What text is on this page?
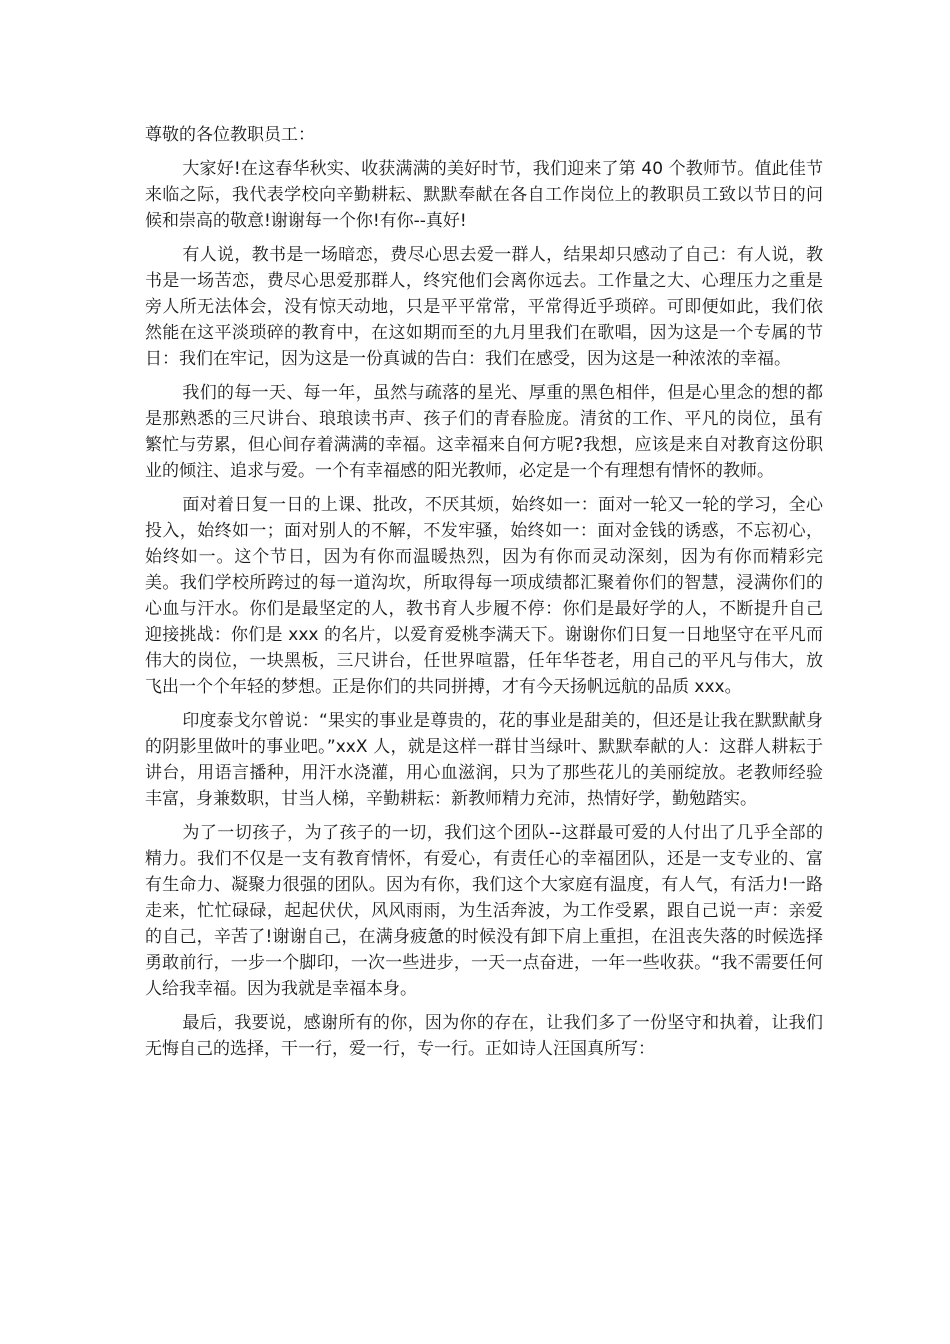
尊敬的各位教职员工：

大家好!在这春华秋实、收获满满的美好时节，我们迎来了第 40 个教师节。值此佳节来临之际，我代表学校向辛勤耕耘、默默奉献在各自工作岗位上的教职员工致以节日的问候和崇高的敬意!谢谢每一个你!有你--真好!

有人说，教书是一场暗恋，费尽心思去爱一群人，结果却只感动了自己：有人说，教书是一场苦恋，费尽心思爱那群人，终究他们会离你远去。工作量之大、心理压力之重是旁人所无法体会，没有惊天动地，只是平平常常，平常得近乎琐碎。可即便如此，我们依然能在这平淡琐碎的教育中，在这如期而至的九月里我们在歌唱，因为这是一个专属的节日：我们在牢记，因为这是一份真诚的告白：我们在感受，因为这是一种浓浓的幸福。

我们的每一天、每一年，虽然与疏落的星光、厚重的黑色相伴，但是心里念的想的都是那熟悉的三尺讲台、琅琅读书声、孩子们的青春脸庞。清贫的工作、平凡的岗位，虽有繁忙与劳累，但心间存着满满的幸福。这幸福来自何方呢?我想，应该是来自对教育这份职业的倾注、追求与爱。一个有幸福感的阳光教师，必定是一个有理想有情怀的教师。

面对着日复一日的上课、批改，不厌其烦，始终如一：面对一轮又一轮的学习，全心投入，始终如一；面对别人的不解，不发牢骚，始终如一：面对金钱的诱惑，不忘初心，始终如一。这个节日，因为有你而温暖热烈，因为有你而灵动深刻，因为有你而精彩完美。我们学校所跨过的每一道沟坎，所取得每一项成绩都汇聚着你们的智慧，浸满你们的心血与汗水。你们是最坚定的人，教书育人步履不停：你们是最好学的人，不断提升自己迎接挑战：你们是 xxx 的名片，以爱育爱桃李满天下。谢谢你们日复一日地坚守在平凡而伟大的岗位，一块黑板，三尺讲台，任世界喧嚣，任年华苍老，用自己的平凡与伟大，放飞出一个个年轻的梦想。正是你们的共同拼搏，才有今天扬帆远航的品质 xxx。

印度泰戈尔曾说：“果实的事业是尊贵的，花的事业是甜美的，但还是让我在默默献身的阴影里做叶的事业吧。”xxX 人，就是这样一群甘当绿叶、默默奉献的人：这群人耕耘于讲台，用语言播种，用汗水浇灌，用心血滋润，只为了那些花儿的美丽绽放。老教师经验丰富，身兼数职，甘当人梯，辛勤耕耘：新教师精力充沛，热情好学，勤勉踏实。

为了一切孩子，为了孩子的一切，我们这个团队--这群最可爱的人付出了几乎全部的精力。我们不仅是一支有教育情怀，有爱心，有责任心的幸福团队，还是一支专业的、富有生命力、凝聚力很强的团队。因为有你，我们这个大家庭有温度，有人气，有活力!一路走来，忙忙碌碌，起起伏伏，风风雨雨，为生活奔波，为工作受累，跟自己说一声：亲爱的自己，辛苦了!谢谢自己，在满身疲惫的时候没有卸下肩上重担，在沮丧失落的时候选择勇敢前行，一步一个脚印，一次一些进步，一天一点奋进，一年一些收获。“我不需要任何人给我幸福。因为我就是幸福本身。

最后，我要说，感谢所有的你，因为你的存在，让我们多了一份坚守和执着，让我们无悔自己的选择，干一行，爱一行，专一行。正如诗人汪国真所写：
